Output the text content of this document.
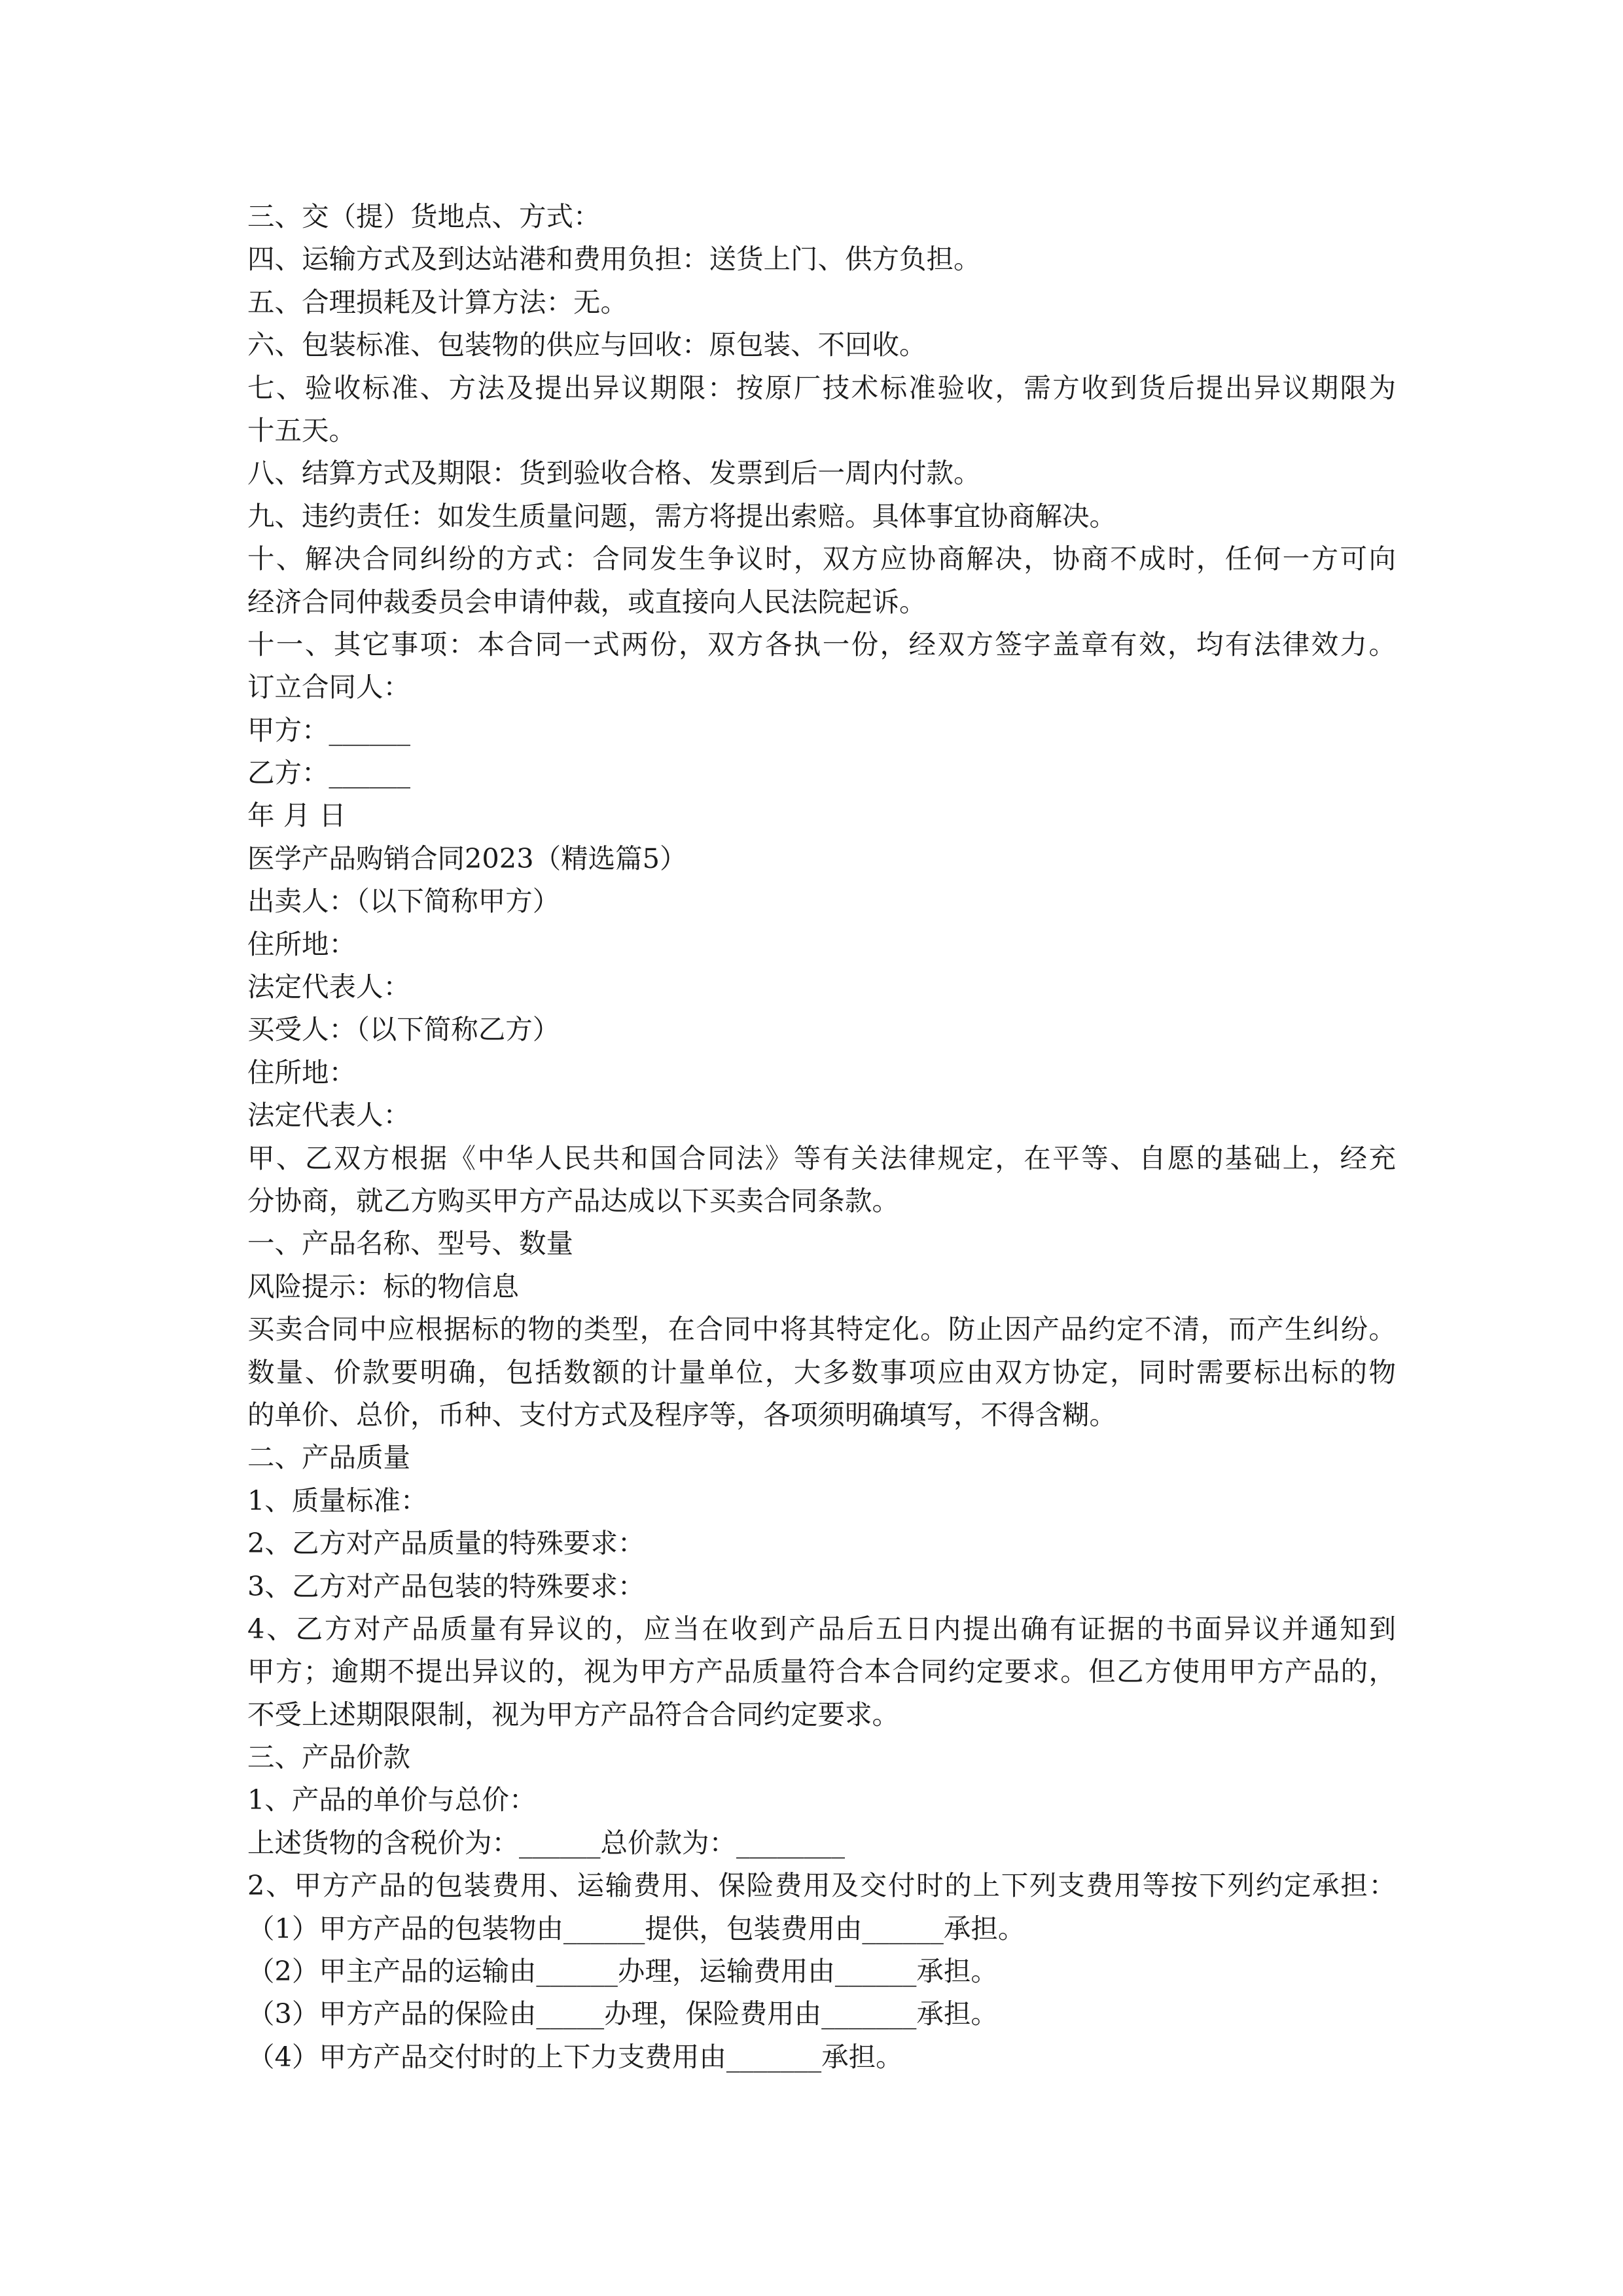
三、交（提）货地点、方式：
四、运输方式及到达站港和费用负担：送货上门、供方负担。
五、合理损耗及计算方法：无。
六、包装标准、包装物的供应与回收：原包装、不回收。
七、验收标准、方法及提出异议期限：按原厂技术标准验收，需方收到货后提出异议期限为
十五天。
八、结算方式及期限：货到验收合格、发票到后一周内付款。
九、违约责任：如发生质量问题，需方将提出索赔。具体事宜协商解决。
十、解决合同纠纷的方式：合同发生争议时，双方应协商解决，协商不成时，任何一方可向
经济合同仲裁委员会申请仲裁，或直接向人民法院起诉。
十一、其它事项：本合同一式两份，双方各执一份，经双方签字盖章有效，均有法律效力。
订立合同人：
甲方：______
乙方：______
年 月 日
医学产品购销合同2023（精选篇5）
出卖人：（以下简称甲方）
住所地：
法定代表人：
买受人：（以下简称乙方）
住所地：
法定代表人：
甲、乙双方根据《中华人民共和国合同法》等有关法律规定，在平等、自愿的基础上，经充
分协商，就乙方购买甲方产品达成以下买卖合同条款。
一、产品名称、型号、数量
风险提示：标的物信息
买卖合同中应根据标的物的类型，在合同中将其特定化。防止因产品约定不清，而产生纠纷。
数量、价款要明确，包括数额的计量单位，大多数事项应由双方协定，同时需要标出标的物
的单价、总价，币种、支付方式及程序等，各项须明确填写，不得含糊。
二、产品质量
1、质量标准：
2、乙方对产品质量的特殊要求：
3、乙方对产品包装的特殊要求：
4、乙方对产品质量有异议的，应当在收到产品后五日内提出确有证据的书面异议并通知到
甲方；逾期不提出异议的，视为甲方产品质量符合本合同约定要求。但乙方使用甲方产品的，
不受上述期限限制，视为甲方产品符合合同约定要求。
三、产品价款
1、产品的单价与总价：
上述货物的含税价为：______总价款为：________
2、甲方产品的包装费用、运输费用、保险费用及交付时的上下列支费用等按下列约定承担：
（1）甲方产品的包装物由______提供，包装费用由______承担。
（2）甲主产品的运输由______办理，运输费用由______承担。
（3）甲方产品的保险由_____办理，保险费用由_______承担。
（4）甲方产品交付时的上下力支费用由_______承担。
